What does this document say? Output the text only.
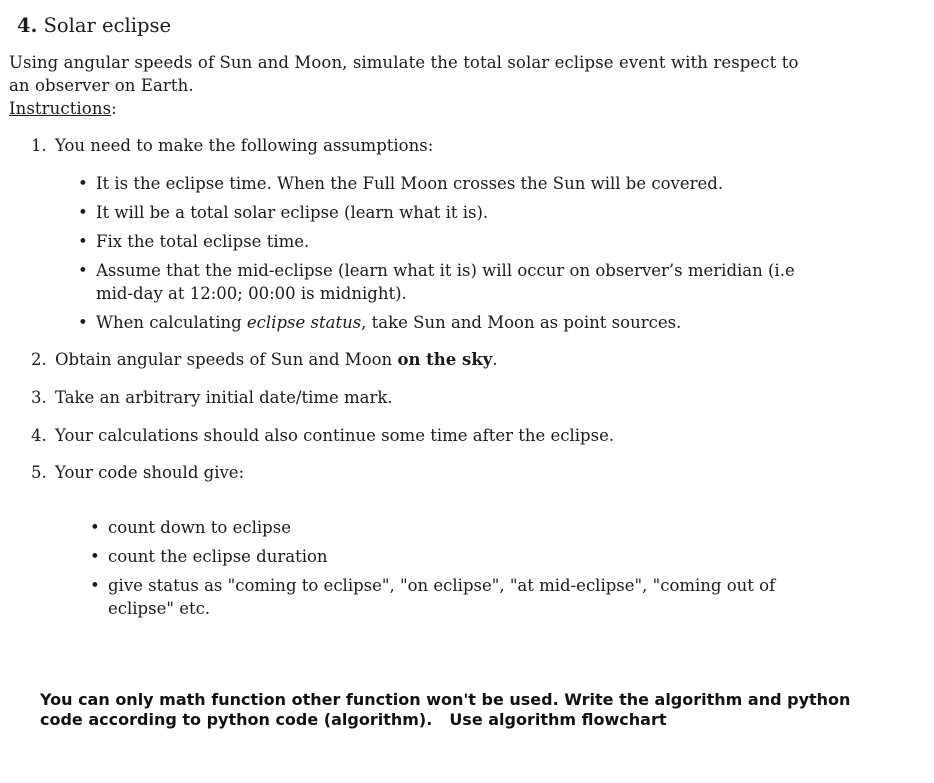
4. Solar eclipse
Using angular speeds of Sun and Moon, simulate the total solar eclipse event with respect to
an observer on Earth.
Instructions:
1. You need to make the following assumptions:
• It is the eclipse time. When the Full Moon crosses the Sun will be covered.
• It will be a total solar eclipse (learn what it is).
• Fix the total eclipse time.
• Assume that the mid-eclipse (learn what it is) will occur on observer’s meridian (i.e
mid-day at 12:00; 00:00 is midnight).
• When calculating eclipse status, take Sun and Moon as point sources.
2. Obtain angular speeds of Sun and Moon on the sky.
3. Take an arbitrary initial date/time mark.
4. Your calculations should also continue some time after the eclipse.
5. Your code should give:
• count down to eclipse
• count the eclipse duration
• give status as "coming to eclipse", "on eclipse", "at mid-eclipse", "coming out of
eclipse" etc.
You can only math function other function won't be used. Write the algorithm and python
code according to python code (algorithm). Use algorithm flowchart
